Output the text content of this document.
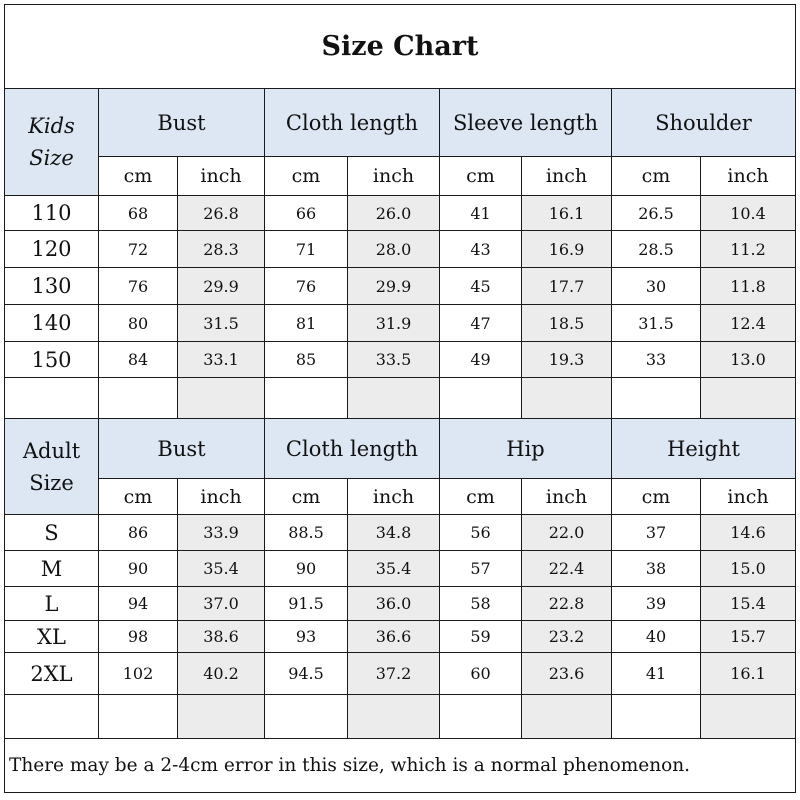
Size Chart
Kids
Size
Bust	Cloth length	Sleeve length	Shoulder
cm	inch	cm	inch	cm	inch	cm	inch
110	68	26.8	66	26.0	41	16.1	26.5	10.4
120	72	28.3	71	28.0	43	16.9	28.5	11.2
130	76	29.9	76	29.9	45	17.7	30	11.8
140	80	31.5	81	31.9	47	18.5	31.5	12.4
150	84	33.1	85	33.5	49	19.3	33	13.0
Adult
Size
Bust	Cloth length	Hip	Height
cm	inch	cm	inch	cm	inch	cm	inch
S	86	33.9	88.5	34.8	56	22.0	37	14.6
M	90	35.4	90	35.4	57	22.4	38	15.0
L	94	37.0	91.5	36.0	58	22.8	39	15.4
XL	98	38.6	93	36.6	59	23.2	40	15.7
2XL	102	40.2	94.5	37.2	60	23.6	41	16.1
There may be a 2-4cm error in this size, which is a normal phenomenon.
